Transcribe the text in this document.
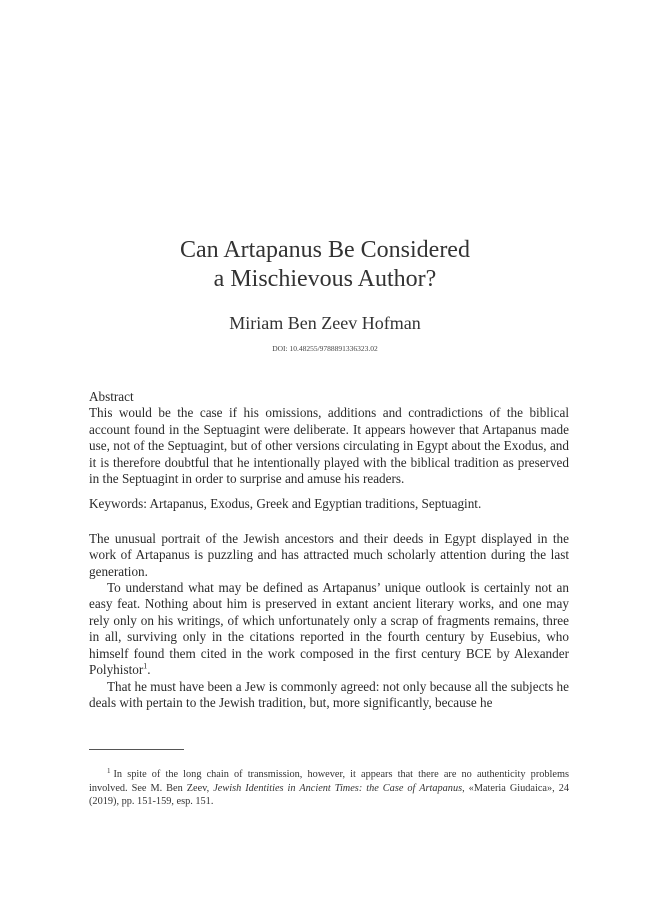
Can Artapanus Be Considered
a Mischievous Author?
Miriam Ben Zeev Hofman
DOI: 10.48255/9788891336323.02

Abstract

This would be the case if his omissions, additions and contradictions of the biblical account found in the Septuagint were deliberate. It appears however that Artapanus made use, not of the Septuagint, but of other versions circulating in Egypt about the Exodus, and it is therefore doubtful that he intentionally played with the biblical tradition as preserved in the Septuagint in order to surprise and amuse his readers.

Keywords: Artapanus, Exodus, Greek and Egyptian traditions, Septuagint.

The unusual portrait of the Jewish ancestors and their deeds in Egypt displayed in the work of Artapanus is puzzling and has attracted much scholarly attention during the last generation.

To understand what may be defined as Artapanus’ unique outlook is certainly not an easy feat. Nothing about him is preserved in extant ancient literary works, and one may rely only on his writings, of which unfortunately only a scrap of fragments remains, three in all, surviving only in the citations reported in the fourth century by Eusebius, who himself found them cited in the work composed in the first century BCE by Alexander Polyhistor$^1$.

That he must have been a Jew is commonly agreed: not only because all the subjects he deals with pertain to the Jewish tradition, but, more significantly, because he

$^1$ In spite of the long chain of transmission, however, it appears that there are no authenticity problems involved. See M. Ben Zeev, Jewish Identities in Ancient Times: the Case of Artapanus, «Materia Giudaica», 24 (2019), pp. 151-159, esp. 151.
